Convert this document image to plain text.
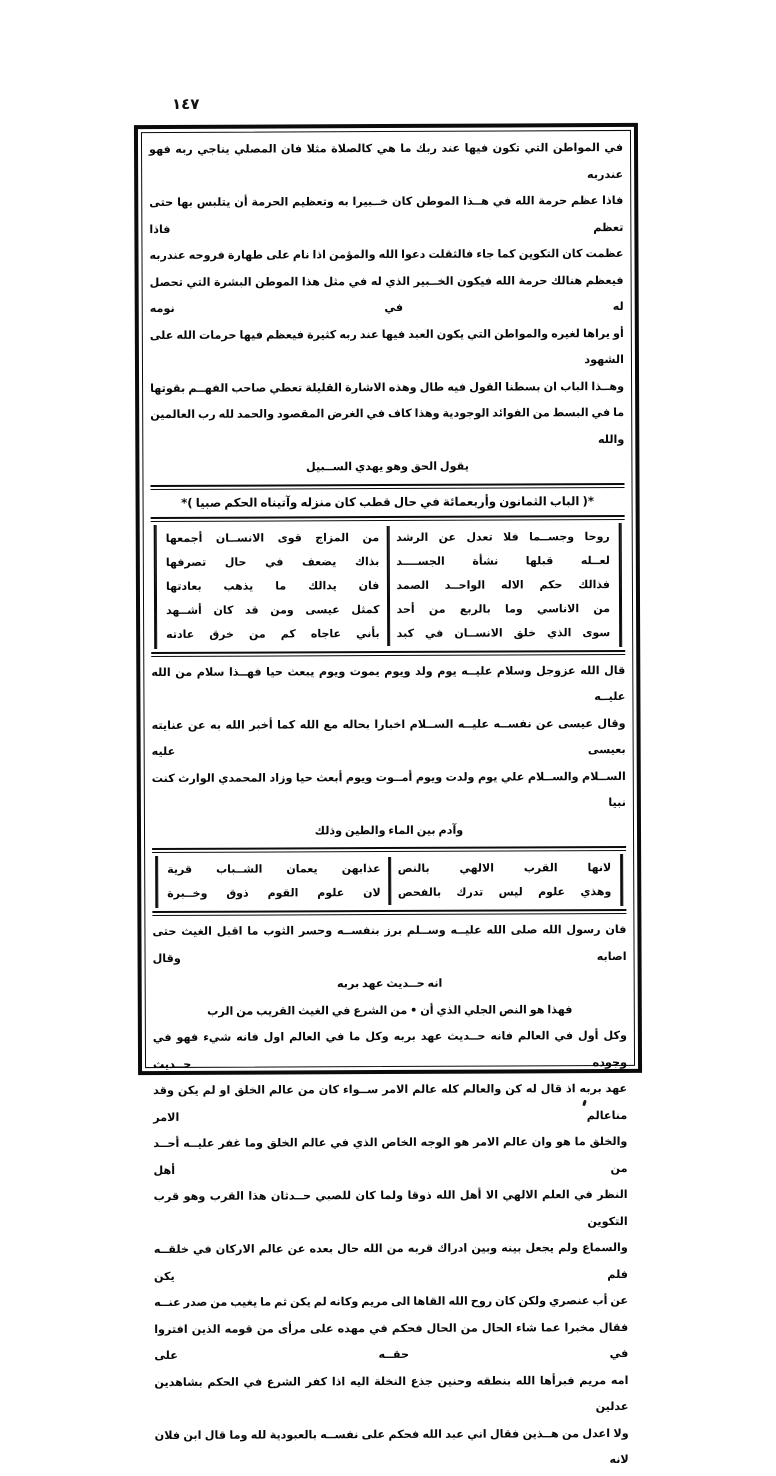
١٤٧

في المواطن التي تكون فيها عند ربك ما هي كالصلاة مثلا فان المصلي يناجي ربه فهو عندربه

فاذا عظم حرمة الله في هــذا الموطن كان خــبيرا به وتعظيم الحرمة أن يتلبس بها حتى تعظم فاذا

عظمت كان التكوين كما جاء فالثقلت دعوا الله والمؤمن اذا نام على طهارة فروحه عندربه

فيعظم هنالك حرمة الله فيكون الخــبير الذي له في مثل هذا الموطن البشرة التي تحصل له في نومه

أو يراها لغيره والمواطن التي يكون العبد فيها عند ربه كثيرة فيعظم فيها حرمات الله على الشهود

وهــذا الباب ان بسطنا القول فيه طال وهذه الاشارة القليلة تعطي صاحب الفهــم بقوتها

ما في البسط من الفوائد الوجودية وهذا كاف في الغرض المقصود والحمد لله رب العالمين والله

يقول الحق وهو يهدي الســبيل

*( الباب الثمانون وأربعمائة في حال قطب كان منزله وآتيناه الحكم صبيا )*
من المزاج قوى الانســان أجمعها
بذاك يضعف في حال تصرفها
فان يدالك ما يذهب بعادتها
كمثل عيسى ومن قد كان أشــهد
بأني عاجاه كم من خرق عادته
روحا وجســما فلا تعدل عن الرشد
لعــله قبلها نشأة الجســــد
فذالك حكم الاله الواحــد الصمد
من الاناسي وما بالربع من أحد
سوى الذي خلق الانســان في كبد

قال الله عزوجل وسلام عليــه يوم ولد ويوم يموت ويوم يبعث حيا فهــذا سلام من الله عليــه

وقال عيسى عن نفســه عليــه الســلام اخبارا بحاله مع الله كما أخبر الله به عن عنايته بعيسى عليه

الســلام والســلام علي يوم ولدت ويوم أمــوت ويوم أبعث حيا وزاد المحمدي الوارث كنت نبيا

وآدم بين الماء والطين وذلك

عذابهن يعمان الشــباب قرية
لان علوم القوم ذوق وخــبرة
لانها القرب الالهي بالنص
وهذي علوم ليس تدرك بالفحص

فان رسول الله صلى الله عليــه وســلم برز بنفســه وحسر الثوب ما اقبل الغيث حتى اصابه وقال

انه حــديث عهد بربه

فهذا هو النص الجلي الذي أن • من الشرع في الغيث القريب من الرب

وكل أول في العالم فانه حــديث عهد بربه وكل ما في العالم اول فانه شيء فهو في وجوده حــديث

عهد بربه اذ قال له كن والعالم كله عالم الامر ســواء كان من عالم الخلق او لم يكن وقد مناعالم الامر

والخلق ما هو وان عالم الامر هو الوجه الخاص الذي في عالم الخلق وما غفر عليــه أحــد من أهل

النظر في العلم الالهي الا أهل الله ذوقا ولما كان للصبي حــدثان هذا القرب وهو قرب التكوين

والسماع ولم يجعل بينه وبين ادراك قربه من الله حال بعده عن عالم الاركان في خلقــه فلم يكن

عن أب عنصري ولكن كان روح الله القاها الى مريم وكانه لم يكن ثم ما يغيب من صدر عنــه

فقال مخبرا عما شاء الحال من الحال فحكم في مهده على مرأى من قومه الذين افتروا في حقــه على

امه مريم فبرأها الله بنطقه وحنين جذع النخلة اليه اذا كفر الشرع في الحكم بشاهدين عدلين

ولا اعدل من هــذين فقال اني عبد الله فحكم على نفســه بالعبودية لله وما قال ابن فلان لانه
